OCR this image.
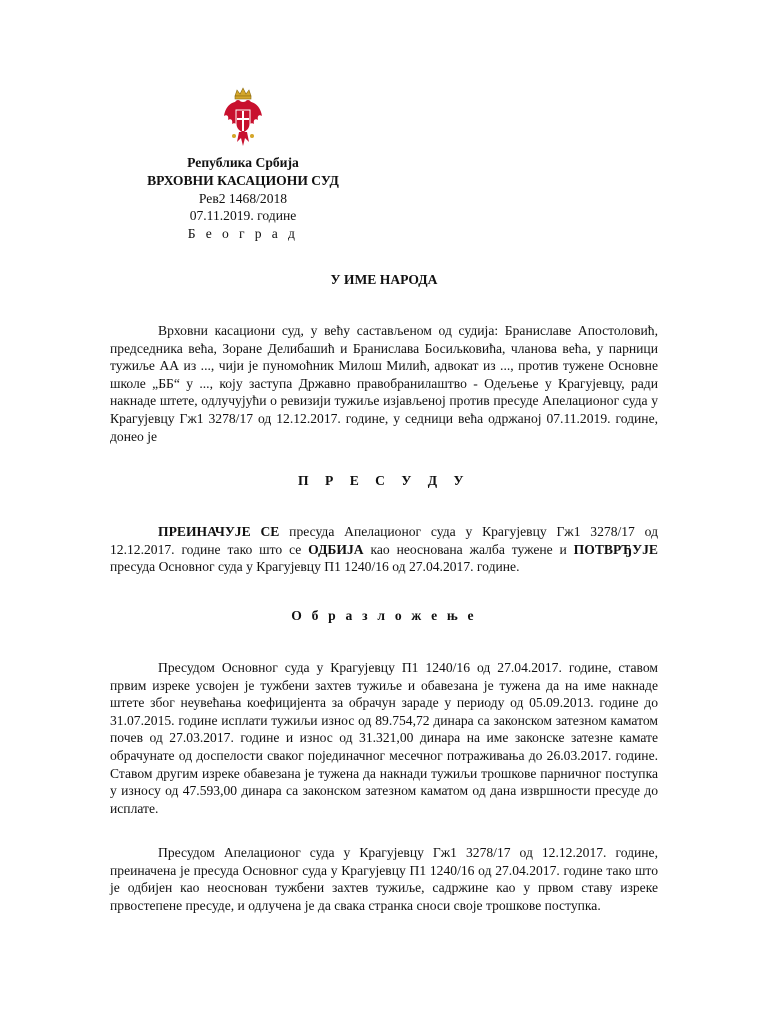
Република Србија
ВРХОВНИ КАСАЦИОНИ СУД
Рев2 1468/2018
07.11.2019. године
Б е о г р а д
У ИМЕ НАРОДА

Врховни касациони суд, у већу састављеном од судија: Браниславе Апостоловић, председника већа, Зоране Делибашић и Бранислава Босиљковића, чланова већа, у парници тужиље АА из ..., чији је пуномоћник Милош Милић, адвокат из ..., против тужене Основне школе „ББ“ у ..., коју заступа Државно правобранилаштво - Одељење у Крагујевцу, ради накнаде штете, одлучујући о ревизији тужиље изјављеној против пресуде Апелационог суда у Крагујевцу Гж1 3278/17 од 12.12.2017. године, у седници већа одржаној 07.11.2019. године, донео је

П Р Е С У Д У

ПРЕИНАЧУЈЕ СЕ пресуда Апелационог суда у Крагујевцу Гж1 3278/17 од 12.12.2017. године тако што се ОДБИЈА као неоснована жалба тужене и ПОТВРЂУЈЕ пресуда Основног суда у Крагујевцу П1 1240/16 од 27.04.2017. године.

О б р а з л о ж е њ е

Пресудом Основног суда у Крагујевцу П1 1240/16 од 27.04.2017. године, ставом првим изреке усвојен је тужбени захтев тужиље и обавезана је тужена да на име накнаде штете због неувећања коефицијента за обрачун зараде у периоду од 05.09.2013. године до 31.07.2015. године исплати тужиљи износ од 89.754,72 динара са законском затезном каматом почев од 27.03.2017. године и износ од 31.321,00 динара на име законске затезне камате обрачунате од доспелости сваког појединачног месечног потраживања до 26.03.2017. године. Ставом другим изреке обавезана је тужена да накнади тужиљи трошкове парничног поступка у износу од 47.593,00 динара са законском затезном каматом од дана извршности пресуде до исплате.

Пресудом Апелационог суда у Крагујевцу Гж1 3278/17 од 12.12.2017. године, преиначена је пресуда Основног суда у Крагујевцу П1 1240/16 од 27.04.2017. године тако што је одбијен као неоснован тужбени захтев тужиље, садржине као у првом ставу изреке првостепене пресуде, и одлучена је да свака странка сноси своје трошкове поступка.
